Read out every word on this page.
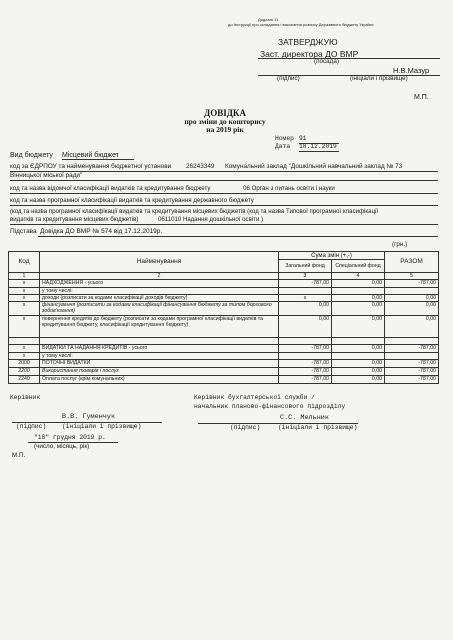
Додаток 11
до Інструкції про складання і виконання розпису Державного бюджету України
ЗАТВЕРДЖУЮ
Заст. директора ДО ВМР
(посада)
Н.В.Мазур
(підпис)	(ініціали і прізвище)
М.П.
ДОВІДКА
про зміни до кошторису
на 2019 рік
Номер 91
Дата 18.12.2019
Вид бюджету Місцевий бюджет
код за ЄДРПОУ та найменування бюджетної установи 26243349 Комунальний заклад "Дошкільний навчальний заклад № 73
Вінницької міської ради"
код та назва відомчої класифікації видатків та кредитування бюджету	06 Орган з питань освіти і науки
код та назва програмної класифікації видатків та кредитування державного бюджету
(код та назва програмної класифікації видатків та кредитування місцевих бюджетів (код та назва Типової програмної класифікації
видатків та кредитування місцевих бюджетів)	0611010 Надання дошкільної освіти )
Підстава Довідка ДО ВМР № 574 від 17.12.2019р.
(грн.)
Код	Найменування	Сума змін (+,-)		РАЗОМ
		Загальний фонд	Спеціальний фонд	
1	2	3	4	5
x	НАДХОДЖЕННЯ - усього	-787,00	0,00	-787,00
x	у тому числі:			
x	доходи (розписати за кодами класифікації доходів бюджету)	x	0,00	0,00
x	фінансування (розписати за кодами класифікації фінансування бюджету за типом боргового зобов'язання)	0,00	0,00	0,00
x	повернення кредитів до бюджету (розписати за кодами програмної класифікації видатків та кредитування бюджету, класифікації кредитування бюджету)	0,00	0,00	0,00

x	ВИДАТКИ ТА НАДАННЯ КРЕДИТІВ - усього	-787,00	0,00	-787,00
x	у тому числі:			
2000	ПОТОЧНІ ВИДАТКИ	-787,00	0,00	-787,00
2200	Використання товарів і послуг	-787,00	0,00	-787,00
2240	Оплата послуг (крім комунальних)	-787,00	0,00	-787,00
Керівник	Керівник бухгалтерської служби /
начальник планово-фінансового підрозділу
В.В. Гуменчук
(підпис)	(ініціали і прізвище)
С.С. Мельник
(підпис)	(ініціали і прізвище)
"18" грудня 2019 р.
(число, місяць, рік)
М.П.
